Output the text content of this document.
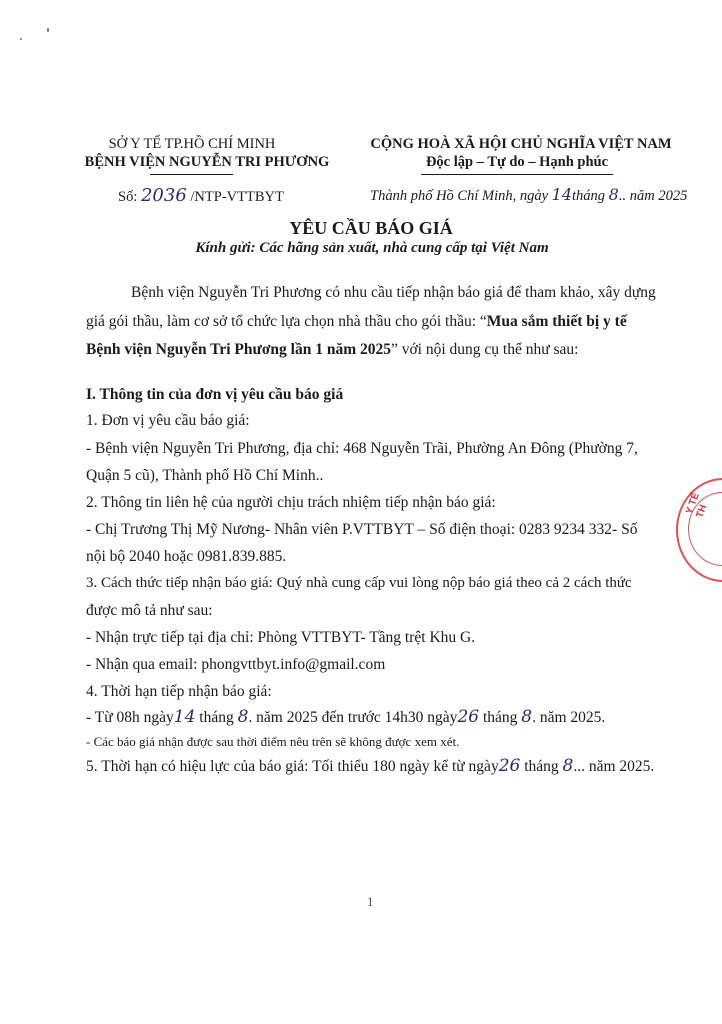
SỞ Y TẾ TP.HỒ CHÍ MINH
BỆNH VIỆN NGUYỄN TRI PHƯƠNG
Số: 2036 /NTP-VTTBYT
CỘNG HOÀ XÃ HỘI CHỦ NGHĨA VIỆT NAM
Độc lập – Tự do – Hạnh phúc
Thành phố Hồ Chí Minh, ngày 14tháng 8.. năm 2025
YÊU CẦU BÁO GIÁ
Kính gửi: Các hãng sản xuất, nhà cung cấp tại Việt Nam
Bệnh viện Nguyễn Tri Phương có nhu cầu tiếp nhận báo giá để tham khảo, xây dựng
giá gói thầu, làm cơ sở tổ chức lựa chọn nhà thầu cho gói thầu: “Mua sắm thiết bị y tế
Bệnh viện Nguyễn Tri Phương lần 1 năm 2025” với nội dung cụ thể như sau:
I. Thông tin của đơn vị yêu cầu báo giá
1. Đơn vị yêu cầu báo giá:
- Bệnh viện Nguyễn Tri Phương, địa chỉ: 468 Nguyễn Trãi, Phường An Đông (Phường 7,
Quận 5 cũ), Thành phố Hồ Chí Minh..
2. Thông tin liên hệ của người chịu trách nhiệm tiếp nhận báo giá:
- Chị Trương Thị Mỹ Nương- Nhân viên P.VTTBYT – Số điện thoại: 0283 9234 332- Số
nội bộ 2040 hoặc 0981.839.885.
3. Cách thức tiếp nhận báo giá: Quý nhà cung cấp vui lòng nộp báo giá theo cả 2 cách thức
được mô tả như sau:
- Nhận trực tiếp tại địa chỉ: Phòng VTTBYT- Tầng trệt Khu G.
- Nhận qua email: phongvttbyt.info@gmail.com
4. Thời hạn tiếp nhận báo giá:
- Từ 08h ngày14 tháng 8. năm 2025 đến trước 14h30 ngày26 tháng 8. năm 2025.
- Các báo giá nhận được sau thời điểm nêu trên sẽ không được xem xét.
5. Thời hạn có hiệu lực của báo giá: Tối thiểu 180 ngày kể từ ngày26 tháng 8... năm 2025.
1
Y TẾ TH
